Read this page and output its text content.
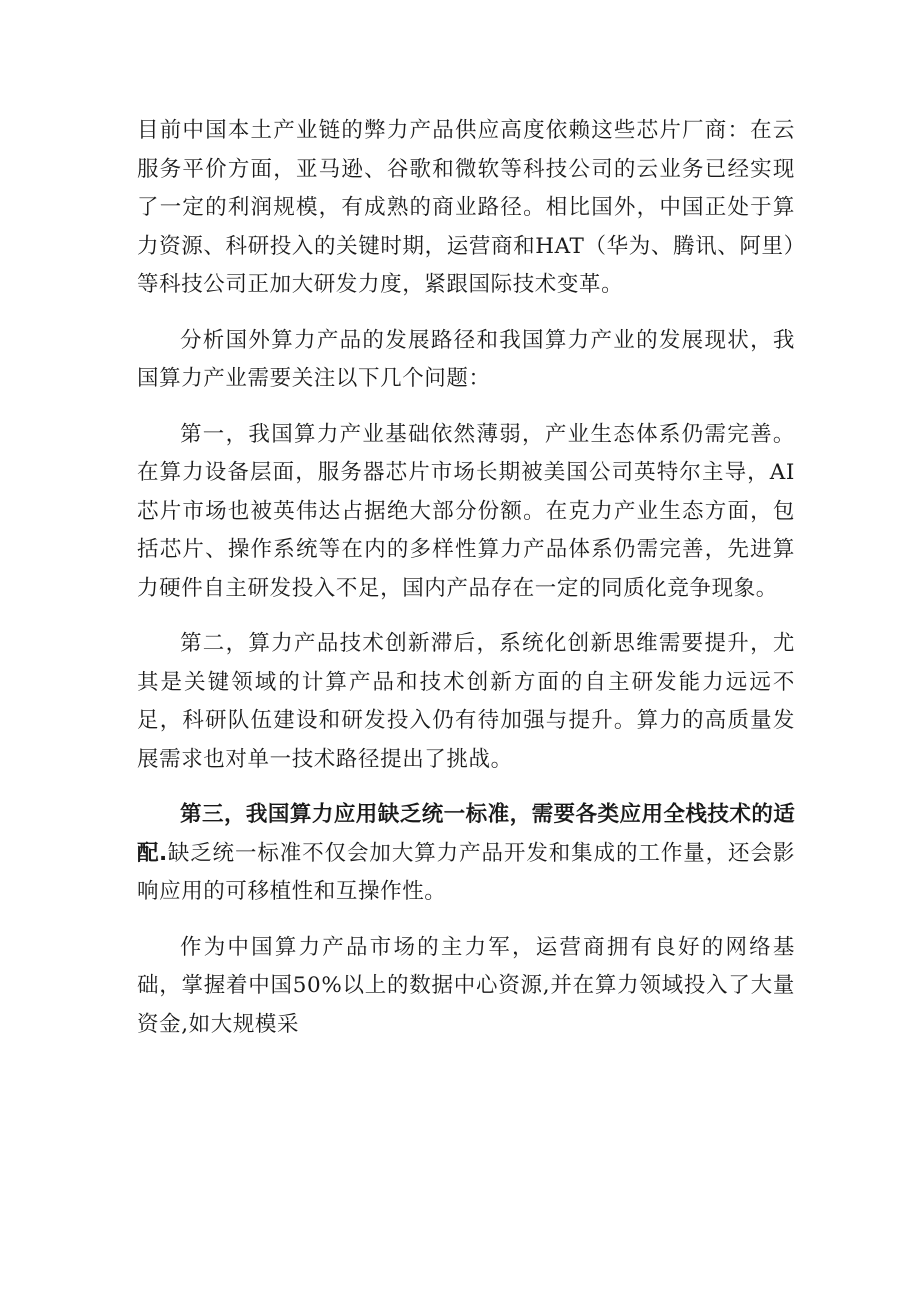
目前中国本土产业链的弊力产品供应高度依赖这些芯片厂商：在云服务平价方面，亚马逊、谷歌和微软等科技公司的云业务已经实现了一定的利润规模，有成熟的商业路径。相比国外，中国正处于算力资源、科研投入的关键时期，运营商和HAT（华为、腾讯、阿里）等科技公司正加大研发力度，紧跟国际技术变革。

分析国外算力产品的发展路径和我国算力产业的发展现状，我国算力产业需要关注以下几个问题：

第一，我国算力产业基础依然薄弱，产业生态体系仍需完善。在算力设备层面，服务器芯片市场长期被美国公司英特尔主导，AI芯片市场也被英伟达占据绝大部分份额。在克力产业生态方面，包括芯片、操作系统等在内的多样性算力产品体系仍需完善，先进算力硬件自主研发投入不足，国内产品存在一定的同质化竞争现象。

第二，算力产品技术创新滞后，系统化创新思维需要提升，尤其是关键领域的计算产品和技术创新方面的自主研发能力远远不足，科研队伍建设和研发投入仍有待加强与提升。算力的高质量发展需求也对单一技术路径提出了挑战。

第三，我国算力应用缺乏统一标准，需要各类应用全栈技术的适配.缺乏统一标准不仅会加大算力产品开发和集成的工作量，还会影响应用的可移植性和互操作性。

作为中国算力产品市场的主力军，运营商拥有良好的网络基础，掌握着中国50%以上的数据中心资源,并在算力领域投入了大量资金,如大规模采
